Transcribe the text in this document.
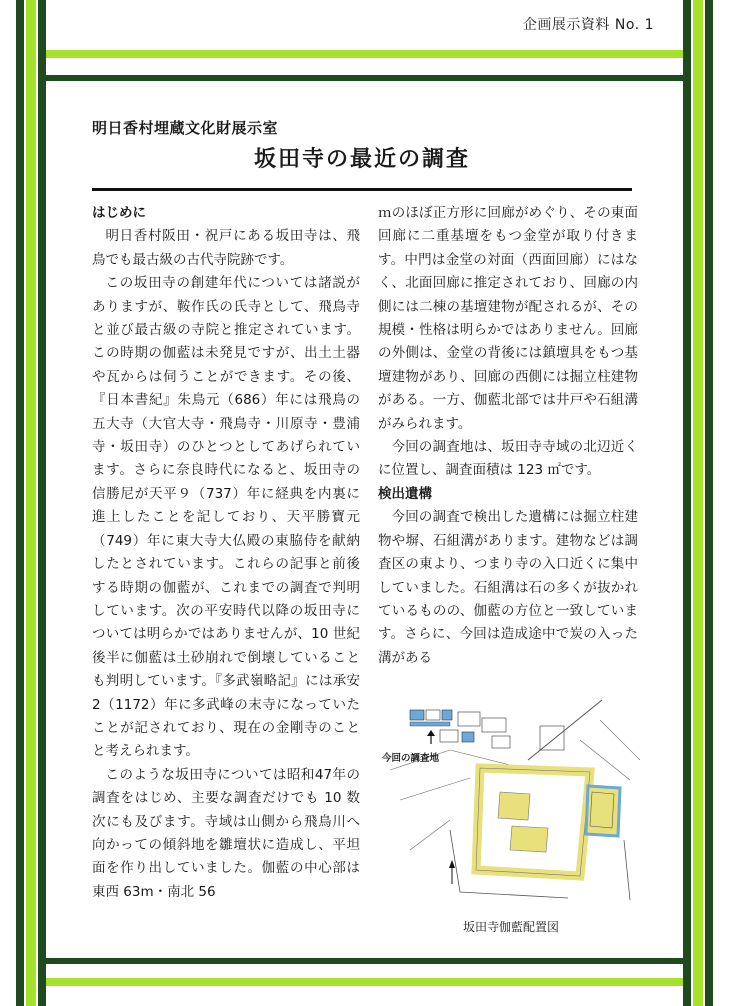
企画展示資料 No. 1
明日香村埋蔵文化財展示室
坂田寺の最近の調査

はじめに

明日香村阪田・祝戸にある坂田寺は、飛鳥でも最古級の古代寺院跡です。

この坂田寺の創建年代については諸説がありますが、鞍作氏の氏寺として、飛鳥寺と並び最古級の寺院と推定されています。この時期の伽藍は未発見ですが、出土土器や瓦からは伺うことができます。その後、『日本書紀』朱鳥元（686）年には飛鳥の五大寺（大官大寺・飛鳥寺・川原寺・豊浦寺・坂田寺）のひとつとしてあげられています。さらに奈良時代になると、坂田寺の信勝尼が天平９（737）年に経典を内裏に進上したことを記しており、天平勝寶元（749）年に東大寺大仏殿の東脇侍を献納したとされています。これらの記事と前後する時期の伽藍が、これまでの調査で判明しています。次の平安時代以降の坂田寺については明らかではありませんが、10 世紀後半に伽藍は土砂崩れで倒壊していることも判明しています。『多武嶺略記』には承安 2（1172）年に多武峰の末寺になっていたことが記されており、現在の金剛寺のことと考えられます。

このような坂田寺については昭和47年の調査をはじめ、主要な調査だけでも 10 数次にも及びます。寺域は山側から飛鳥川へ向かっての傾斜地を雛壇状に造成し、平坦面を作り出していました。伽藍の中心部は東西 63m・南北 56

ｍのほぼ正方形に回廊がめぐり、その東面回廊に二重基壇をもつ金堂が取り付きます。中門は金堂の対面（西面回廊）にはなく、北面回廊に推定されており、回廊の内側には二棟の基壇建物が配されるが、その規模・性格は明らかではありません。回廊の外側は、金堂の背後には鎮壇具をもつ基壇建物があり、回廊の西側には掘立柱建物がある。一方、伽藍北部では井戸や石組溝がみられます。

今回の調査地は、坂田寺寺域の北辺近くに位置し、調査面積は 123 ㎡です。

検出遺構

今回の調査で検出した遺構には掘立柱建物や塀、石組溝があります。建物などは調査区の東より、つまり寺の入口近くに集中していました。石組溝は石の多くが抜かれているものの、伽藍の方位と一致しています。さらに、今回は造成途中で炭の入った溝がある

今回の調査地
坂田寺伽藍配置図
